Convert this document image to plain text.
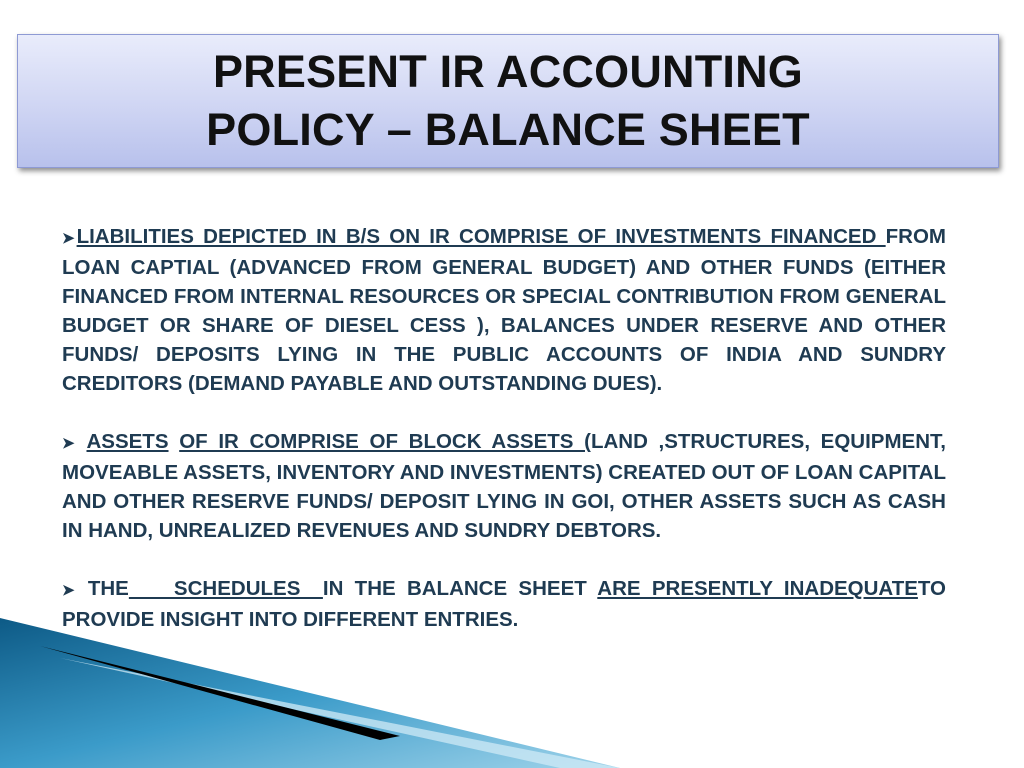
PRESENT IR ACCOUNTING
POLICY – BALANCE SHEET

➤LIABILITIES DEPICTED IN B/S ON IR COMPRISE OF INVESTMENTS FINANCED FROM LOAN CAPTIAL (ADVANCED FROM GENERAL BUDGET) AND OTHER FUNDS (EITHER FINANCED FROM INTERNAL RESOURCES OR SPECIAL CONTRIBUTION FROM GENERAL BUDGET OR SHARE OF DIESEL CESS ), BALANCES UNDER RESERVE AND OTHER FUNDS/ DEPOSITS LYING IN THE PUBLIC ACCOUNTS OF INDIA AND SUNDRY CREDITORS (DEMAND PAYABLE AND OUTSTANDING DUES).

➤ ASSETS OF IR COMPRISE OF BLOCK ASSETS (LAND ,STRUCTURES, EQUIPMENT, MOVEABLE ASSETS, INVENTORY AND INVESTMENTS) CREATED OUT OF LOAN CAPITAL AND OTHER RESERVE FUNDS/ DEPOSIT LYING IN GOI, OTHER ASSETS SUCH AS CASH IN HAND, UNREALIZED REVENUES AND SUNDRY DEBTORS.

➤ THE    SCHEDULES  IN THE BALANCE SHEET ARE PRESENTLY INADEQUATETO PROVIDE INSIGHT INTO DIFFERENT ENTRIES.
